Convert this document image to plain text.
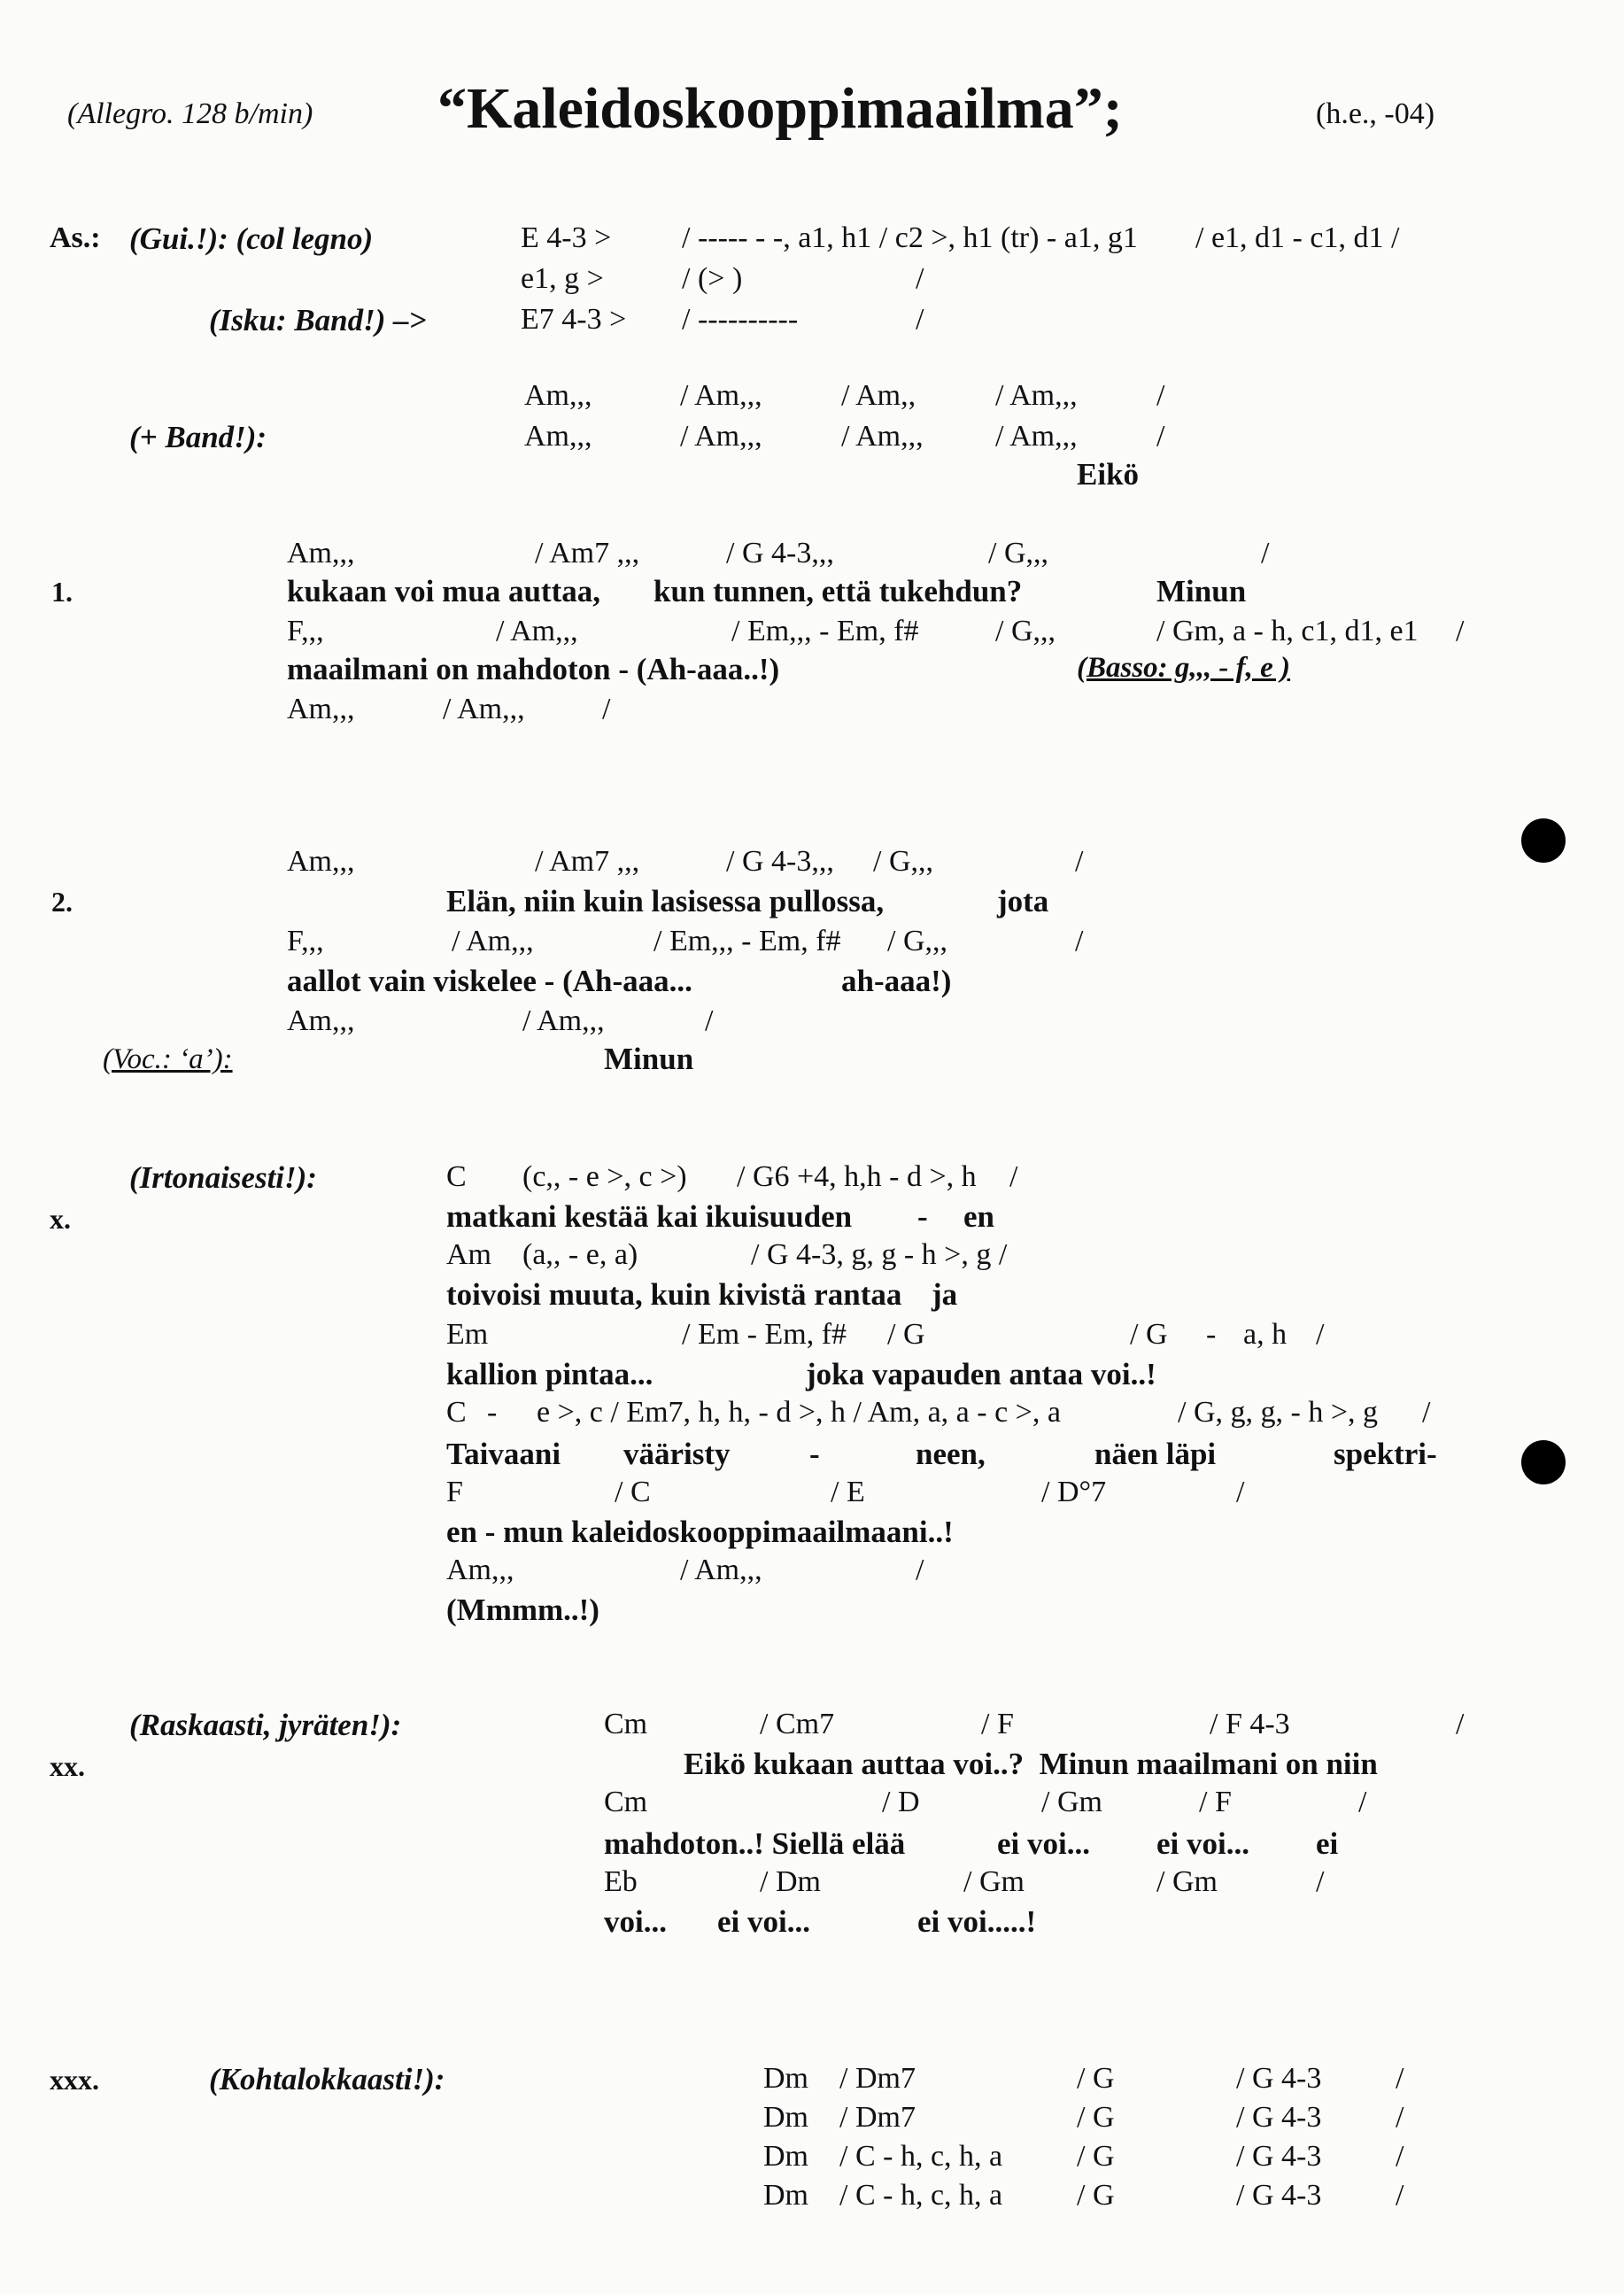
(Allegro. 128 b/min) “Kaleidoskooppimaailma”;	(h.e., -04)
As.: (Gui.!): (col legno)	E 4-3 > / ----- - -, a1, h1 / c2 >, h1 (tr) - a1, g1 / e1, d1 - c1, d1 /
e1, g >	/ (> )	/
(Isku: Band!) –>	E7 4-3 > / ----------	/
Am,,,	/ Am,,,	/ Am,,	/ Am,,,	/
(+ Band!):	Am,,,	/ Am,,,	/ Am,,, / Am,,,	/
Eikö
Am,,,	/ Am7 ,,,	/ G 4-3,,,	/ G,,,	/
1.	kukaan voi mua auttaa, kun tunnen, että tukehdun?	Minun
F,,,	/ Am,,,	/ Em,,, - Em, f#	/ G,,,	/ Gm, a - h, c1, d1, e1 /
maailmani on mahdoton - (Ah-aaa..!)	(Basso: g,,, - f, e )
Am,,,	/ Am,,,	/
Am,,,	/ Am7 ,,,	/ G 4-3,,, / G,,,	/
2.	Elän, niin kuin lasisessa pullossa,	jota
F,,,	/ Am,,,	/ Em,,, - Em, f# / G,,,	/
aallot vain viskelee - (Ah-aaa...	ah-aaa!)
Am,,,	/ Am,,,	/
(Voc.: ‘a’):	Minun
(Irtonaisesti!):	C (c,, - e >, c >) / G6 +4, h,h - d >, h /
x.	matkani kestää kai ikuisuuden - en
Am (a,, - e, a)	/ G 4-3, g, g - h >, g /
toivoisi muuta, kuin kivistä rantaa ja
Em	/ Em - Em, f# / G	/ G - a, h /
kallion pintaa...	joka vapauden antaa voi..!
C - e >, c / Em7, h, h, - d >, h / Am, a, a - c >, a	/ G, g, g, - h >, g /
Taivaani vääristy	-	neen,	näen läpi	spektri-
F	/ C	/ E	/ D°7	/
en - mun kaleidoskooppimaailmaani..!
Am,,,	/ Am,,,	/
(Mmmm..!)
(Raskaasti, jyräten!):	Cm	/ Cm7	/ F	/ F 4-3	/
xx.	Eikö kukaan auttaa voi..?  Minun maailmani on niin
Cm	/ D	/ Gm	/ F	/
mahdoton..! Siellä elää	ei voi... ei voi... ei
Eb	/ Dm	/ Gm	/ Gm	/
voi... ei voi...	ei voi.....!
xxx.	(Kohtalokkaasti!):	Dm / Dm7	/ G	/ G 4-3 /
Dm / Dm7	/ G	/ G 4-3 /
Dm / C - h, c, h, a / G	/ G 4-3 /
Dm / C - h, c, h, a / G	/ G 4-3 /
